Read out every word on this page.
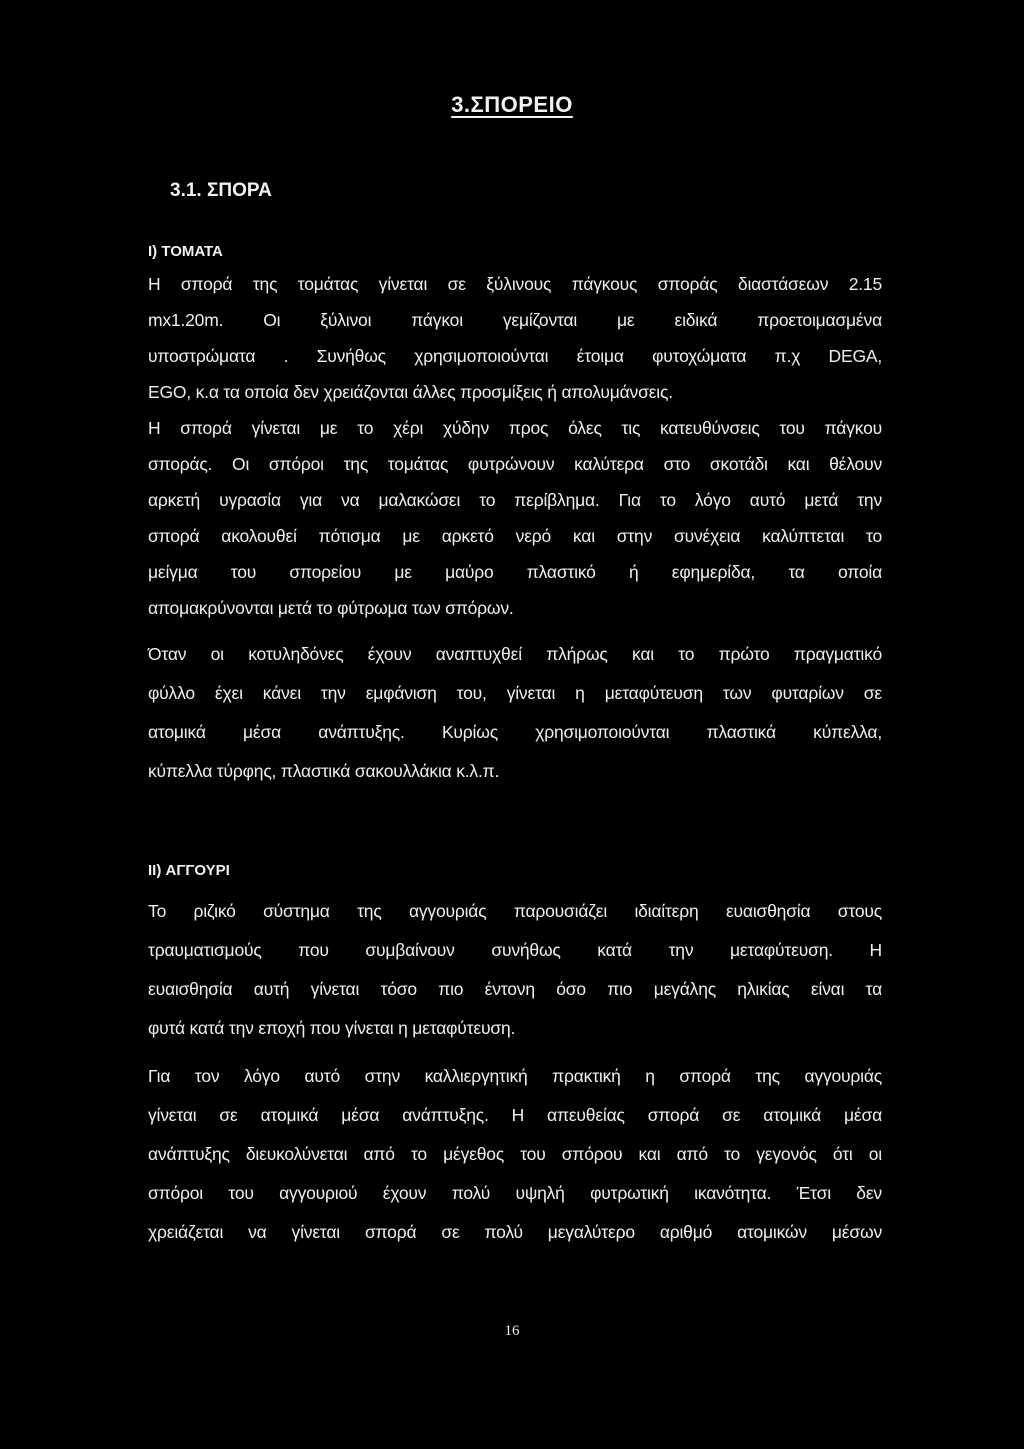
3.ΣΠΟΡΕΙΟ
3.1. ΣΠΟΡΑ
I) ΤΟΜΑΤΑ
Η σπορά της τομάτας γίνεται σε ξύλινους πάγκους σποράς διαστάσεων 2.15
mx1.20m. Οι ξύλινοι πάγκοι γεμίζονται με ειδικά προετοιμασμένα
υποστρώματα . Συνήθως χρησιμοποιούνται έτοιμα φυτοχώματα π.χ DEGA,
EGO, κ.α τα οποία δεν χρειάζονται άλλες προσμίξεις ή απολυμάνσεις.
Η σπορά γίνεται με το χέρι χύδην προς όλες τις κατευθύνσεις του πάγκου
σποράς. Οι σπόροι της τομάτας φυτρώνουν καλύτερα στο σκοτάδι και θέλουν
αρκετή υγρασία για να μαλακώσει το περίβλημα. Για το λόγο αυτό μετά την
σπορά ακολουθεί πότισμα με αρκετό νερό και στην συνέχεια καλύπτεται το
μείγμα του σπορείου με μαύρο πλαστικό ή εφημερίδα, τα οποία
απομακρύνονται μετά το φύτρωμα των σπόρων.
Όταν οι κοτυληδόνες έχουν αναπτυχθεί πλήρως και το πρώτο πραγματικό
φύλλο έχει κάνει την εμφάνιση του, γίνεται η μεταφύτευση των φυταρίων σε
ατομικά μέσα ανάπτυξης. Κυρίως χρησιμοποιούνται πλαστικά κύπελλα,
κύπελλα τύρφης, πλαστικά σακουλλάκια κ.λ.π.
II) ΑΓΓΟΥΡΙ
Το ριζικό σύστημα της αγγουριάς παρουσιάζει ιδιαίτερη ευαισθησία στους
τραυματισμούς που συμβαίνουν συνήθως κατά την μεταφύτευση. Η
ευαισθησία αυτή γίνεται τόσο πιο έντονη όσο πιο μεγάλης ηλικίας είναι τα
φυτά κατά την εποχή που γίνεται η μεταφύτευση.
Για τον λόγο αυτό στην καλλιεργητική πρακτική η σπορά της αγγουριάς
γίνεται σε ατομικά μέσα ανάπτυξης. Η απευθείας σπορά σε ατομικά μέσα
ανάπτυξης διευκολύνεται από το μέγεθος του σπόρου και από το γεγονός ότι οι
σπόροι του αγγουριού έχουν πολύ υψηλή φυτρωτική ικανότητα. Έτσι δεν
χρειάζεται να γίνεται σπορά σε πολύ μεγαλύτερο αριθμό ατομικών μέσων
16
